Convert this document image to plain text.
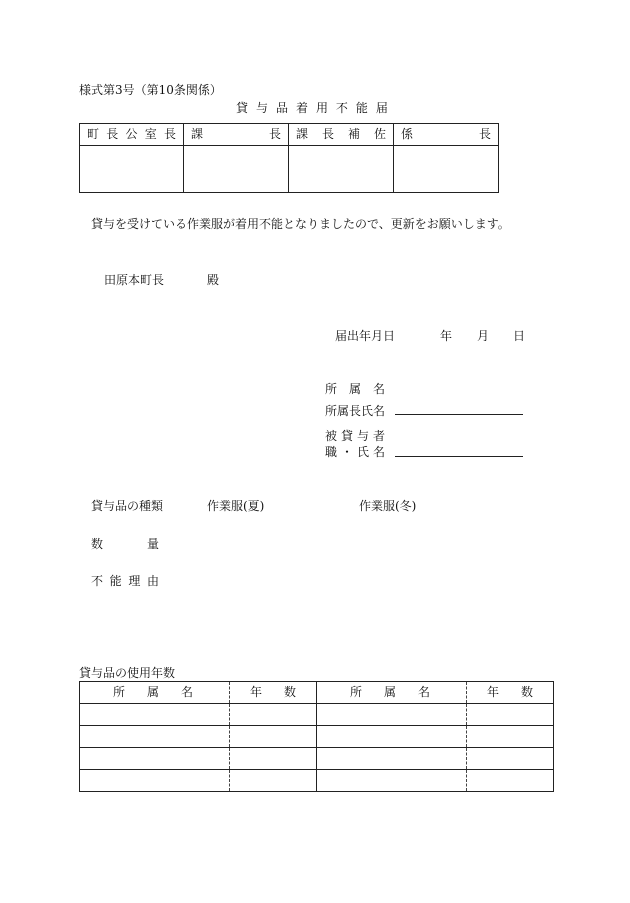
様式第3号（第10条関係）
貸 与 品 着 用 不 能 届
町 長 公 室 長	課 長	課 長 補 佐	係 長

貸与を受けている作業服が着用不能となりましたので、更新をお願いします。
田原本町長	殿
届出年月日	年 月 日
所 属 名
所属長氏名
被 貸 与 者
職 ・ 氏 名
貸与品の種類	作業服(夏)	作業服(冬)
数	量
不 能 理 由
貸与品の使用年数
所 属 名	年 数	所 属 名	年 数
